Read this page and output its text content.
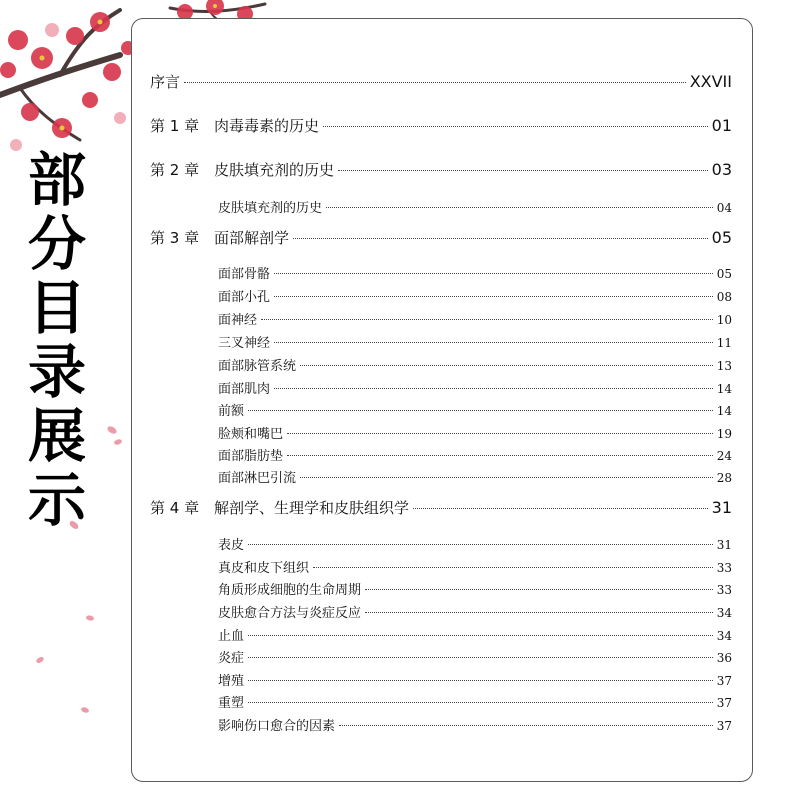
部
分
目
录
展
示
序言	XXVII
第 1 章 肉毒毒素的历史	01
第 2 章 皮肤填充剂的历史	03
皮肤填充剂的历史	04
第 3 章 面部解剖学	05
面部骨骼	05
面部小孔	08
面神经	10
三叉神经	11
面部脉管系统	13
面部肌肉	14
前额	14
脸颊和嘴巴	19
面部脂肪垫	24
面部淋巴引流	28
第 4 章 解剖学、生理学和皮肤组织学	31
表皮	31
真皮和皮下组织	33
角质形成细胞的生命周期	33
皮肤愈合方法与炎症反应	34
止血	34
炎症	36
增殖	37
重塑	37
影响伤口愈合的因素	37
